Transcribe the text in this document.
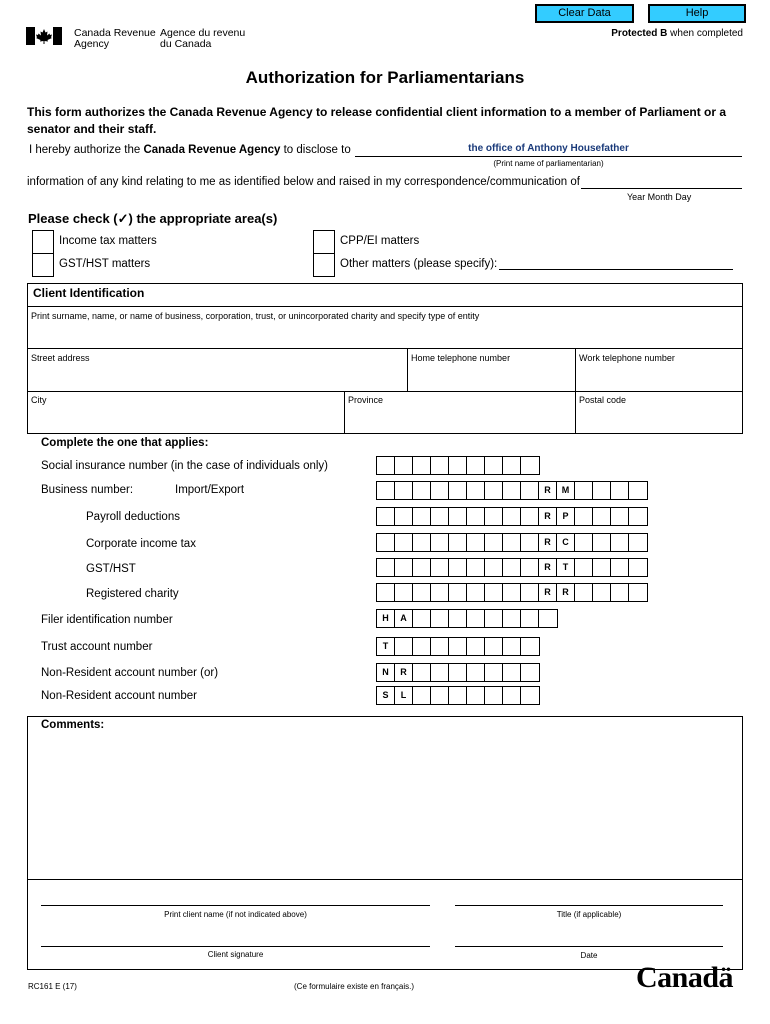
Clear Data	Help
Canada Revenue
Agency
Agence du revenu
du Canada
Protected B when completed
Authorization for Parliamentarians
This form authorizes the Canada Revenue Agency to release confidential client information to a member of Parliament or a senator and their staff.
I hereby authorize the Canada Revenue Agency to disclose to	the office of Anthony Housefather
(Print name of parliamentarian)
information of any kind relating to me as identified below and raised in my correspondence/communication of
Year Month Day
Please check (✓) the appropriate area(s)
Income tax matters
GST/HST matters
CPP/EI matters
Other matters (please specify):
Client Identification
Print surname, name, or name of business, corporation, trust, or unincorporated charity and specify type of entity
Street address	Home telephone number	Work telephone number
City	Province	Postal code
Complete the one that applies:
Social insurance number (in the case of individuals only)
Business number:	Import/Export	R	M
Payroll deductions	R	P
Corporate income tax	R	C
GST/HST	R	T
Registered charity	R	R
Filer identification number	H	A
Trust account number	T
Non-Resident account number (or)	N	R
Non-Resident account number	S	L
Comments:
Print client name (if not indicated above)	Title (if applicable)
Client signature	Date
RC161 E (17)	(Ce formulaire existe en français.)	Canadä
